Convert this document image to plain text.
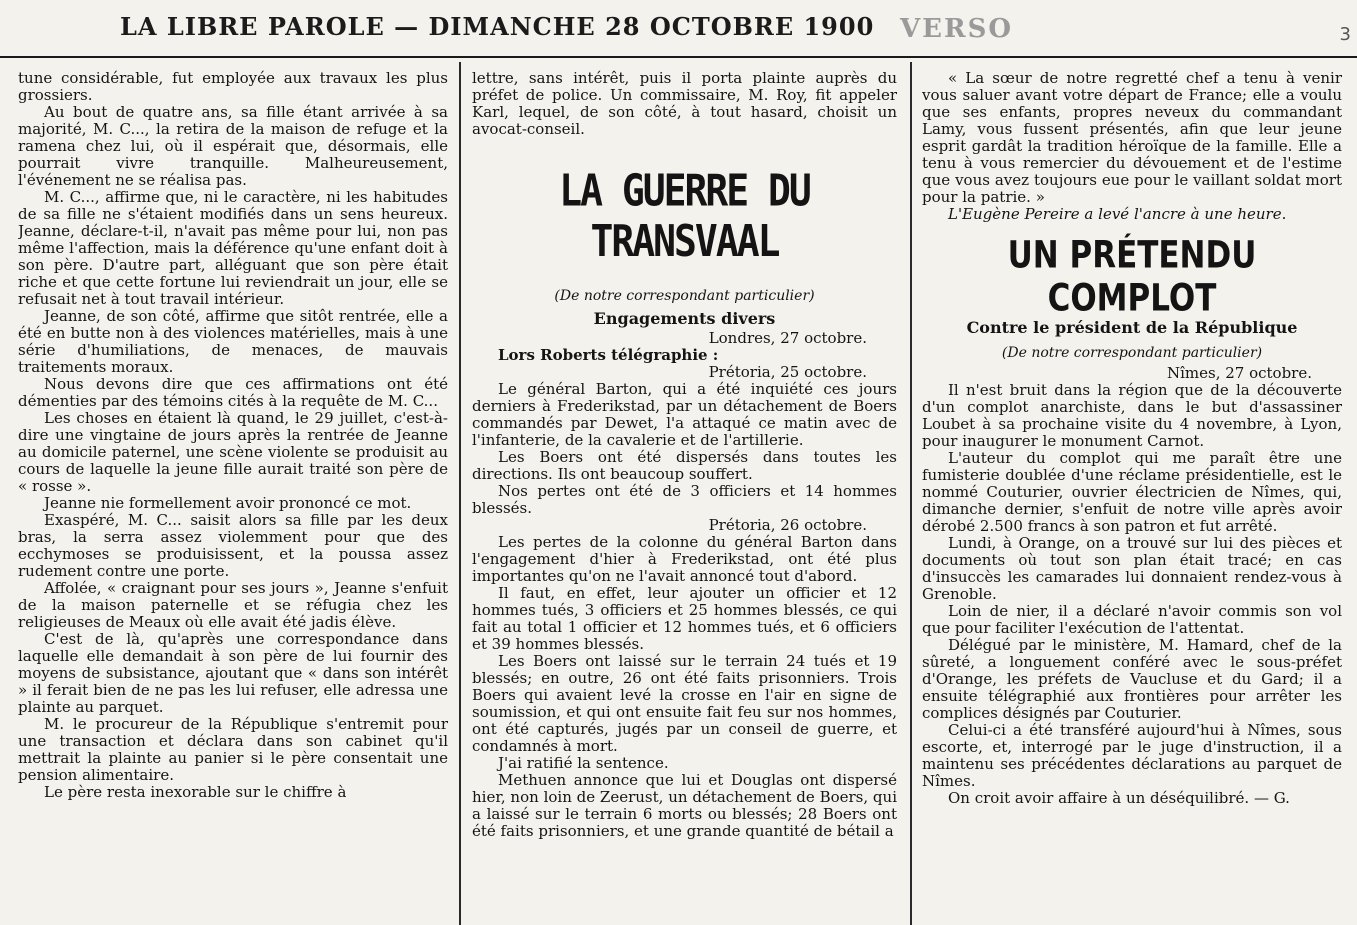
LA LIBRE PAROLE — DIMANCHE 28 OCTOBRE 1900 VERSO	3

tune considérable, fut employée aux travaux les plus grossiers.

Au bout de quatre ans, sa fille étant arrivée à sa majorité, M. C..., la retira de la maison de refuge et la ramena chez lui, où il espérait que, désormais, elle pourrait vivre tranquille. Malheureusement, l'événement ne se réalisa pas.

M. C..., affirme que, ni le caractère, ni les habitudes de sa fille ne s'étaient modifiés dans un sens heureux. Jeanne, déclare-t-il, n'avait pas même pour lui, non pas même l'affection, mais la déférence qu'une enfant doit à son père. D'autre part, alléguant que son père était riche et que cette fortune lui reviendrait un jour, elle se refusait net à tout travail intérieur.

Jeanne, de son côté, affirme que sitôt rentrée, elle a été en butte non à des violences matérielles, mais à une série d'humiliations, de menaces, de mauvais traitements moraux.

Nous devons dire que ces affirmations ont été démenties par des témoins cités à la requête de M. C...

Les choses en étaient là quand, le 29 juillet, c'est-à-dire une vingtaine de jours après la rentrée de Jeanne au domicile paternel, une scène violente se produisit au cours de laquelle la jeune fille aurait traité son père de « rosse ».

Jeanne nie formellement avoir prononcé ce mot.

Exaspéré, M. C... saisit alors sa fille par les deux bras, la serra assez violemment pour que des ecchymoses se produisissent, et la poussa assez rudement contre une porte.

Affolée, « craignant pour ses jours », Jeanne s'enfuit de la maison paternelle et se réfugia chez les religieuses de Meaux où elle avait été jadis élève.

C'est de là, qu'après une correspondance dans laquelle elle demandait à son père de lui fournir des moyens de subsistance, ajoutant que « dans son intérêt » il ferait bien de ne pas les lui refuser, elle adressa une plainte au parquet.

M. le procureur de la République s'entremit pour une transaction et déclara dans son cabinet qu'il mettrait la plainte au panier si le père consentait une pension alimentaire.

Le père resta inexorable sur le chiffre à

lettre, sans intérêt, puis il porta plainte auprès du préfet de police. Un commissaire, M. Roy, fit appeler Karl, lequel, de son côté, à tout hasard, choisit un avocat-conseil.

LA GUERRE DU TRANSVAAL
(De notre correspondant particulier)
Engagements divers
Londres, 27 octobre.

Lors Roberts télégraphie :

Prétoria, 25 octobre.

Le général Barton, qui a été inquiété ces jours derniers à Frederikstad, par un détachement de Boers commandés par Dewet, l'a attaqué ce matin avec de l'infanterie, de la cavalerie et de l'artillerie.

Les Boers ont été dispersés dans toutes les directions. Ils ont beaucoup souffert.

Nos pertes ont été de 3 officiers et 14 hommes blessés.

Prétoria, 26 octobre.

Les pertes de la colonne du général Barton dans l'engagement d'hier à Frederikstad, ont été plus importantes qu'on ne l'avait annoncé tout d'abord.

Il faut, en effet, leur ajouter un officier et 12 hommes tués, 3 officiers et 25 hommes blessés, ce qui fait au total 1 officier et 12 hommes tués, et 6 officiers et 39 hommes blessés.

Les Boers ont laissé sur le terrain 24 tués et 19 blessés; en outre, 26 ont été faits prisonniers. Trois Boers qui avaient levé la crosse en l'air en signe de soumission, et qui ont ensuite fait feu sur nos hommes, ont été capturés, jugés par un conseil de guerre, et condamnés à mort.

J'ai ratifié la sentence.

Methuen annonce que lui et Douglas ont dispersé hier, non loin de Zeerust, un détachement de Boers, qui a laissé sur le terrain 6 morts ou blessés; 28 Boers ont été faits prisonniers, et une grande quantité de bétail a

« La sœur de notre regretté chef a tenu à venir vous saluer avant votre départ de France; elle a voulu que ses enfants, propres neveux du commandant Lamy, vous fussent présentés, afin que leur jeune esprit gardât la tradition héroïque de la famille. Elle a tenu à vous remercier du dévouement et de l'estime que vous avez toujours eue pour le vaillant soldat mort pour la patrie. »

L'Eugène Pereire a levé l'ancre à une heure.

UN PRÉTENDU COMPLOT
Contre le président de la République
(De notre correspondant particulier)
Nîmes, 27 octobre.

Il n'est bruit dans la région que de la découverte d'un complot anarchiste, dans le but d'assassiner Loubet à sa prochaine visite du 4 novembre, à Lyon, pour inaugurer le monument Carnot.

L'auteur du complot qui me paraît être une fumisterie doublée d'une réclame présidentielle, est le nommé Couturier, ouvrier électricien de Nîmes, qui, dimanche dernier, s'enfuit de notre ville après avoir dérobé 2.500 francs à son patron et fut arrêté.

Lundi, à Orange, on a trouvé sur lui des pièces et documents où tout son plan était tracé; en cas d'insuccès les camarades lui donnaient rendez-vous à Grenoble.

Loin de nier, il a déclaré n'avoir commis son vol que pour faciliter l'exécution de l'attentat.

Délégué par le ministère, M. Hamard, chef de la sûreté, a longuement conféré avec le sous-préfet d'Orange, les préfets de Vaucluse et du Gard; il a ensuite télégraphié aux frontières pour arrêter les complices désignés par Couturier.

Celui-ci a été transféré aujourd'hui à Nîmes, sous escorte, et, interrogé par le juge d'instruction, il a maintenu ses précédentes déclarations au parquet de Nîmes.

On croit avoir affaire à un déséquilibré. — G.
